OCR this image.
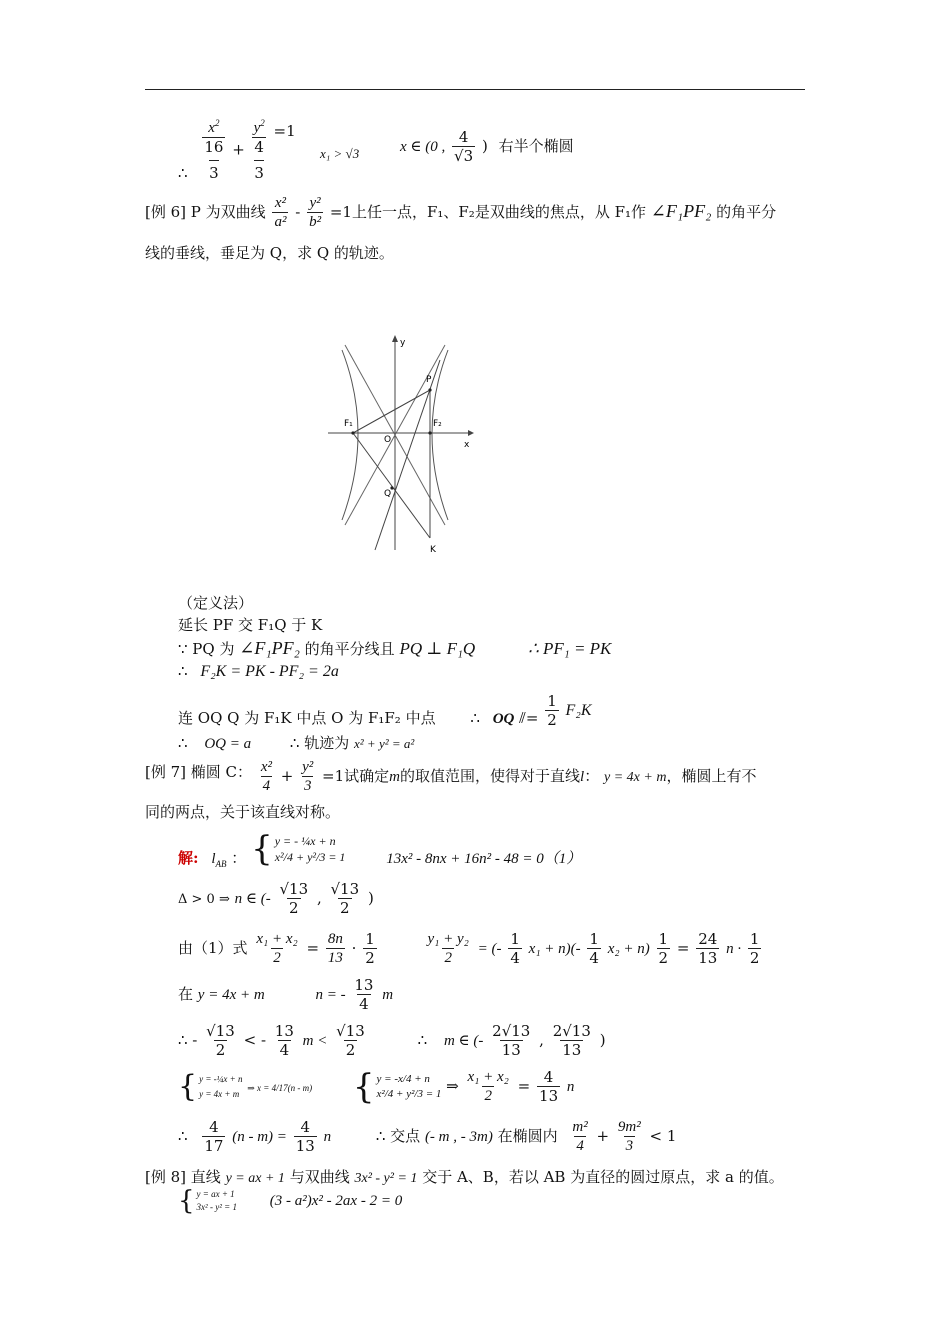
∴ $x^2$
16
$3 + y^2$
4
3 =1
x₁ > √3	x ∈ (0 , $\frac{4}{√3}$ ) 右半个椭圆
[例 6] P 为双曲线 $\frac{\text{x²}}{\text{a²}} - \frac{\text{y²}}{\text{b²}} =1$上任一点，F₁、F₂是双曲线的焦点，从 F₁作 ∠F₁PF₂ 的角平分
线的垂线，垂足为 Q，求 Q 的轨迹。
y
x
O
P
F₁	F₂
Q
K
（定义法）
延长 PF 交 F₁Q 于 K
∵ PQ 为 ∠F₁PF₂ 的角平分线且 PQ ⊥ F₁Q	∴ PF₁ = PK
∴ F₂K = PK - PF₂ = 2a
连 OQ Q 为 F₁K 中点 O 为 F₁F₂ 中点 ∴ OQ ⫽= $\frac{1}{2} F_2K$
∴ OQ = a	∴ 轨迹为 x² + y² = a²
[例 7] 椭圆 C： $\frac{\text{x²}}{4} + \frac{\text{y²}}{3} =1$试确定m的取值范围，使得对于直线l： y = 4x + m，椭圆上有不
同的两点，关于该直线对称。
解: $l_{AB}$ ： { y = - ¼x + n
x²/4 + y²/3 = 1	13x² - 8nx + 16n² - 48 = 0（1）
Δ > 0 ⇒ n ∈ (- $\frac{√13}{2}$ , $\frac{√13}{2}$ )
由（1）式 $\frac{\text{x₁ + x₂}}{2} = \frac{8n}{13} \cdot \frac{1}{2}$
	$\frac{\text{y₁ + y₂}}{2}$ = (- $\frac{1}{4} x_1 + n)(- \frac{1}{4} x_2 + n) \frac{1}{2} = \frac{24}{13}$ $n \cdot \frac{1}{2}$
在 y = 4x + m	n = - $\frac{13}{4}$ m
∴ - $\frac{√13}{2}$ < - $\frac{13}{4}$ $m < \frac{√13}{2}$	∴ m ∈ (- $\frac{2√13}{13}$ , $\frac{2√13}{13}$ )
{ y = -¼x + n
y = 4x + m
⇒ x = 4/17(n - m) { y = -x/4 + n
x²/4 + y²/3 = 1 ⇒ $\frac{\text{x₁ + x₂}}{2} = \frac{4}{13}$ n
∴ $\frac{4}{17} (n - m) = \frac{4}{13}$ n	∴ 交点 (- m , - 3m) 在椭圆内 $\frac{\text{m²}}{4} + \frac{\text{9m²}}{3} < 1$
[例 8] 直线 y = ax + 1 与双曲线 3x² - y² = 1 交于 A、B，若以 AB 为直径的圆过原点，求 a 的值。
{ y = ax + 1
3x² - y² = 1 (3 - a²)x² - 2ax - 2 = 0
